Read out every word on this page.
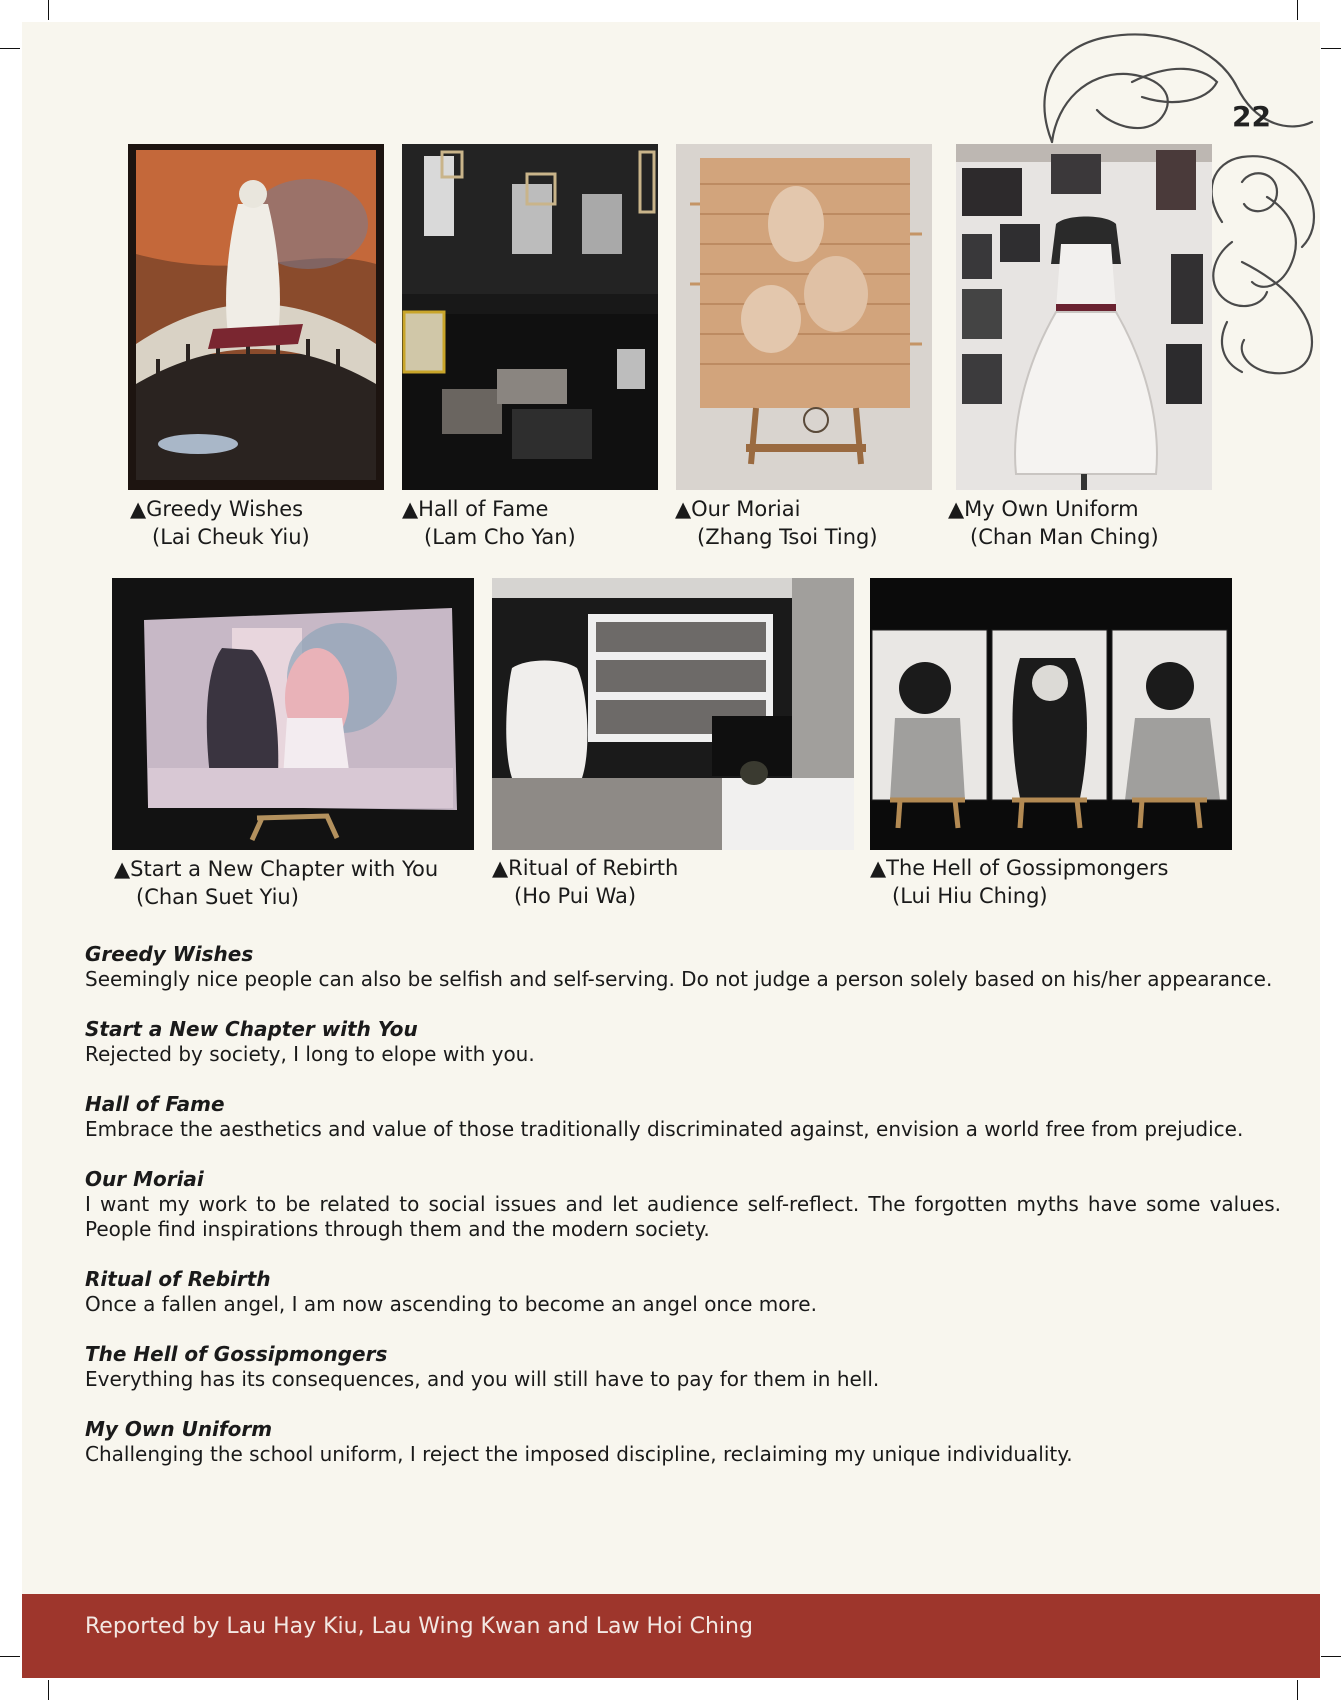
22
▲Greedy Wishes
(Lai Cheuk Yiu)
▲Hall of Fame
(Lam Cho Yan)
▲Our Moriai
(Zhang Tsoi Ting)
▲My Own Uniform
(Chan Man Ching)
▲Start a New Chapter with You
(Chan Suet Yiu)
▲Ritual of Rebirth
(Ho Pui Wa)
▲The Hell of Gossipmongers
(Lui Hiu Ching)
Greedy Wishes
Seemingly nice people can also be selfish and self-serving. Do not judge a person solely based on his/her appearance.
Start a New Chapter with You
Rejected by society, I long to elope with you.
Hall of Fame
Embrace the aesthetics and value of those traditionally discriminated against, envision a world free from prejudice.
Our Moriai
I want my work to be related to social issues and let audience self-reflect. The forgotten myths have some values. People find inspirations through them and the modern society.
Ritual of Rebirth
Once a fallen angel, I am now ascending to become an angel once more.
The Hell of Gossipmongers
Everything has its consequences, and you will still have to pay for them in hell.
My Own Uniform
Challenging the school uniform, I reject the imposed discipline, reclaiming my unique individuality.
Reported by Lau Hay Kiu, Lau Wing Kwan and Law Hoi Ching
